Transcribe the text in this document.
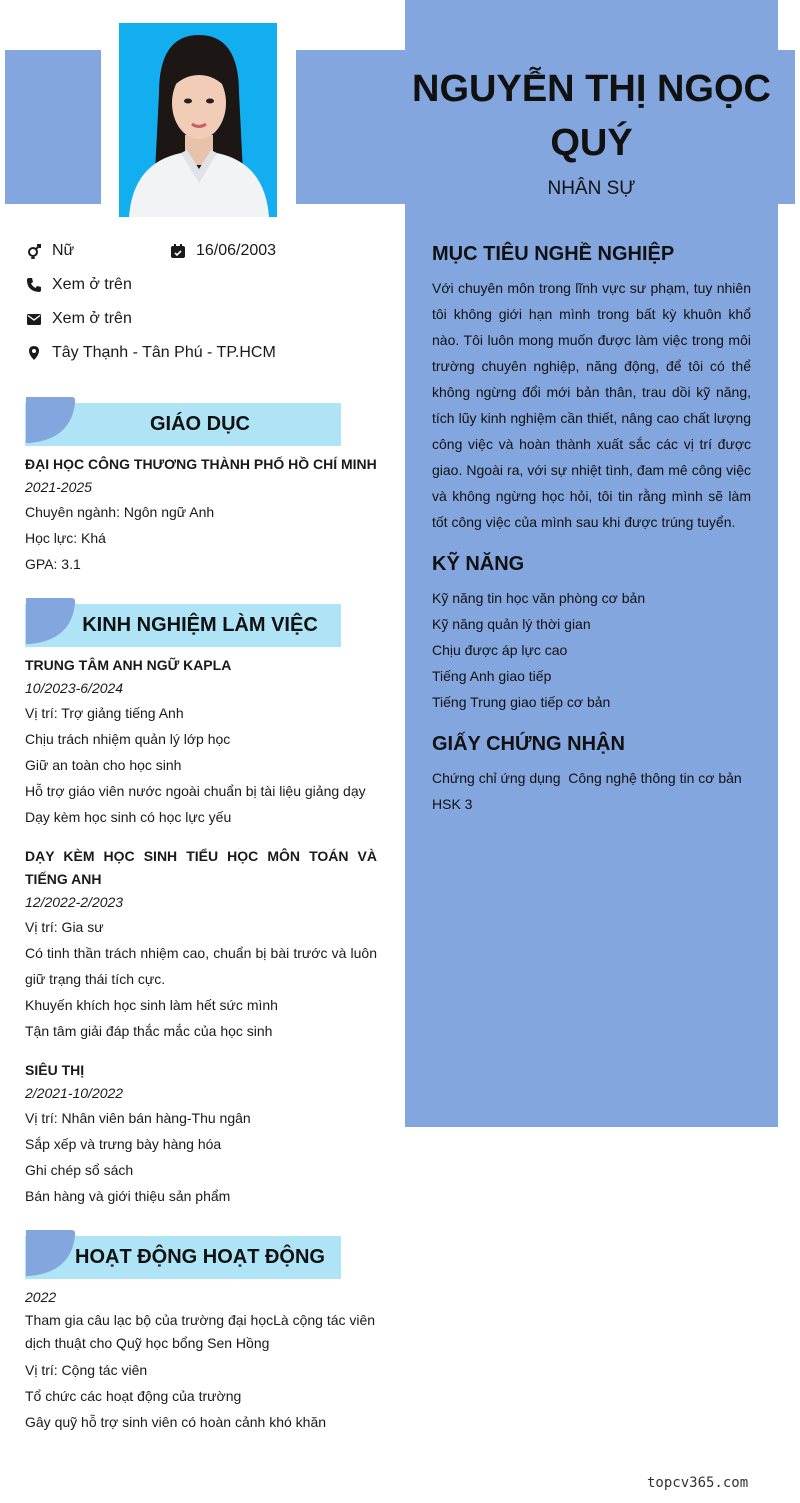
NGUYỄN THỊ NGỌC QUÝ
NHÂN SỰ
Nữ	16/06/2003
Xem ở trên
Xem ở trên
Tây Thạnh - Tân Phú - TP.HCM
GIÁO DỤC
ĐẠI HỌC CÔNG THƯƠNG THÀNH PHỐ HỒ CHÍ MINH
2021-2025
Chuyên ngành: Ngôn ngữ Anh
Học lực: Khá
GPA: 3.1
KINH NGHIỆM LÀM VIỆC
TRUNG TÂM ANH NGỮ KAPLA
10/2023-6/2024
Vị trí: Trợ giảng tiếng Anh
Chịu trách nhiệm quản lý lớp học
Giữ an toàn cho học sinh
Hỗ trợ giáo viên nước ngoài chuẩn bị tài liệu giảng dạy
Dạy kèm học sinh có học lực yếu
DẠY KÈM HỌC SINH TIỂU HỌC MÔN TOÁN VÀ TIẾNG ANH
12/2022-2/2023
Vị trí: Gia sư
Có tinh thần trách nhiệm cao, chuẩn bị bài trước và luôn giữ trạng thái tích cực.
Khuyến khích học sinh làm hết sức mình
Tận tâm giải đáp thắc mắc của học sinh
SIÊU THỊ
2/2021-10/2022
Vị trí: Nhân viên bán hàng-Thu ngân
Sắp xếp và trưng bày hàng hóa
Ghi chép sổ sách
Bán hàng và giới thiệu sản phẩm
HOẠT ĐỘNG HOẠT ĐỘNG
2022
Tham gia câu lạc bộ của trường đại họcLà cộng tác viên dịch thuật cho Quỹ học bổng Sen Hồng
Vị trí: Cộng tác viên
Tổ chức các hoạt động của trường
Gây quỹ hỗ trợ sinh viên có hoàn cảnh khó khăn
MỤC TIÊU NGHỀ NGHIỆP
Với chuyên môn trong lĩnh vực sư phạm, tuy nhiên tôi không giới hạn mình trong bất kỳ khuôn khổ nào. Tôi luôn mong muốn được làm việc trong môi trường chuyên nghiệp, năng động, để tôi có thể không ngừng đổi mới bản thân, trau dồi kỹ năng, tích lũy kinh nghiệm cần thiết, nâng cao chất lượng công việc và hoàn thành xuất sắc các vị trí được giao. Ngoài ra, với sự nhiệt tình, đam mê công việc và không ngừng học hỏi, tôi tin rằng mình sẽ làm tốt công việc của mình sau khi được trúng tuyển.
KỸ NĂNG
Kỹ năng tin học văn phòng cơ bản
Kỹ năng quản lý thời gian
Chịu được áp lực cao
Tiếng Anh giao tiếp
Tiếng Trung giao tiếp cơ bản
GIẤY CHỨNG NHẬN
Chứng chỉ ứng dụng  Công nghệ thông tin cơ bản
HSK 3
topcv365.com
